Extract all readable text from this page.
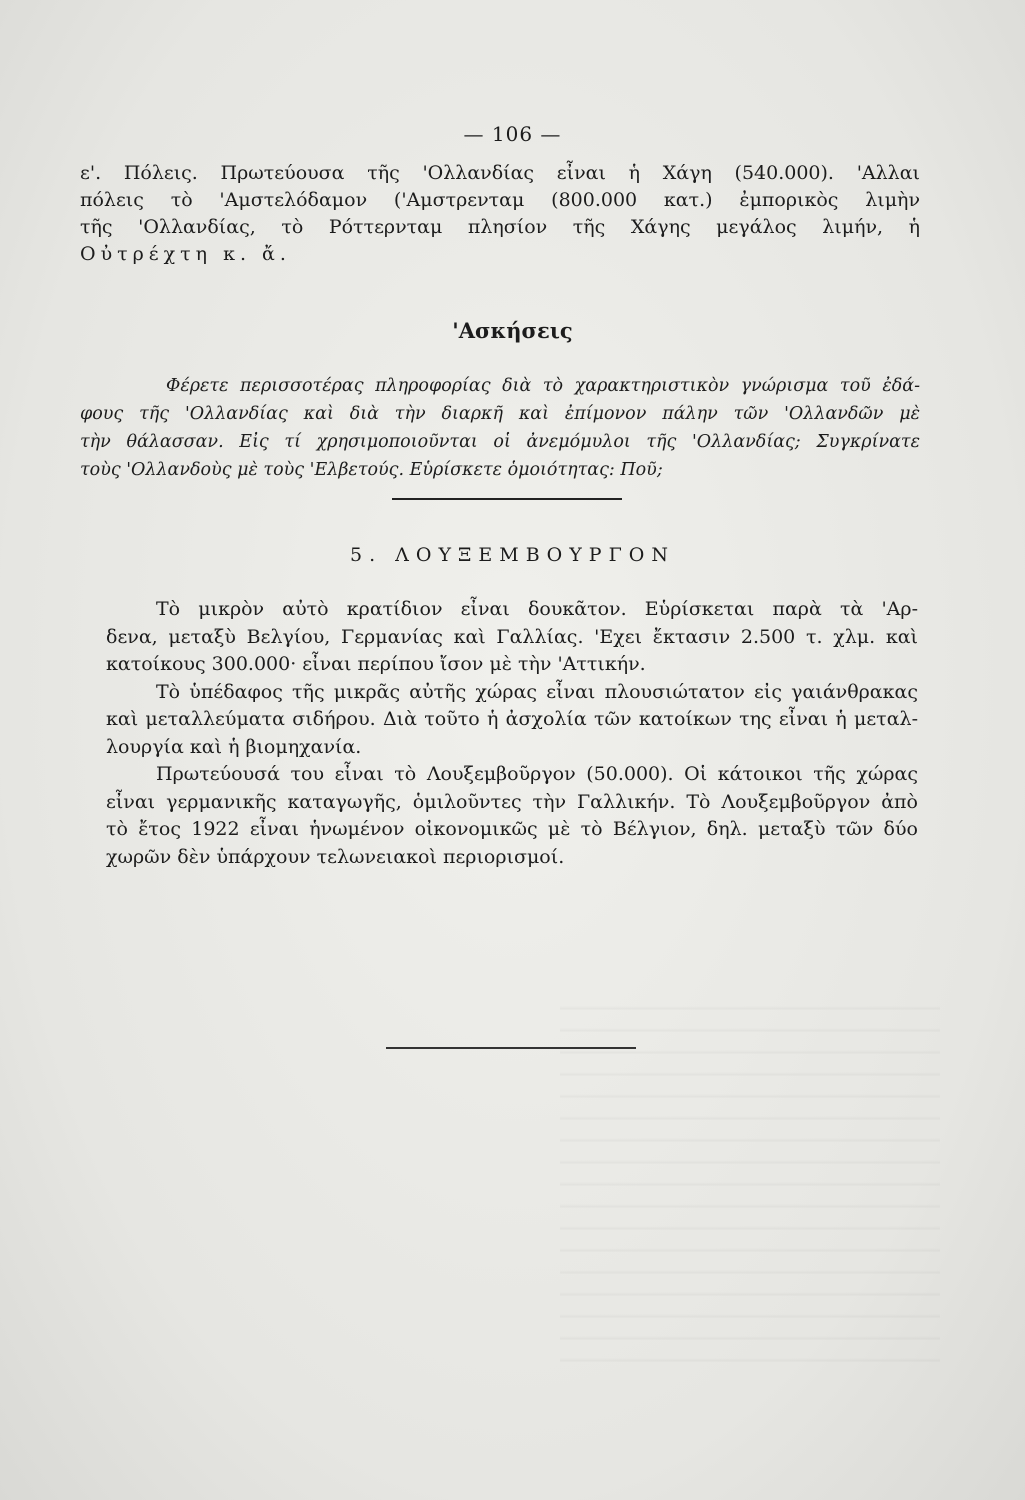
— 106 —
ε'. Πόλεις. Πρωτεύουσα τῆς 'Ολλανδίας εἶναι ἡ Χάγη (540.000). 'Αλλαι
πόλεις τὸ 'Αμστελόδαμον ('Αμστρενταμ (800.000 κατ.) ἐμπορικὸς λιμὴν
τῆς 'Ολλανδίας, τὸ Ρόττερνταμ πλησίον τῆς Χάγης μεγάλος λιμήν, ἡ
Οὐτρέχτη κ. ἄ.
'Ασκήσεις
Φέρετε περισσοτέρας πληροφορίας διὰ τὸ χαρακτηριστικὸν γνώρισμα τοῦ ἐδά-
φους τῆς 'Ολλανδίας καὶ διὰ τὴν διαρκῆ καὶ ἐπίμονον πάλην τῶν 'Ολλανδῶν μὲ
τὴν θάλασσαν. Εἰς τί χρησιμοποιοῦνται οἱ ἀνεμόμυλοι τῆς 'Ολλανδίας; Συγκρίνατε
τοὺς 'Ολλανδοὺς μὲ τοὺς 'Ελβετούς. Εὑρίσκετε ὁμοιότητας: Ποῦ;
5. ΛΟΥΞΕΜΒΟΥΡΓΟΝ
Τὸ μικρὸν αὐτὸ κρατίδιον εἶναι δουκᾶτον. Εὑρίσκεται παρὰ τὰ 'Αρ-
δενα, μεταξὺ Βελγίου, Γερμανίας καὶ Γαλλίας. 'Εχει ἔκτασιν 2.500 τ. χλμ. καὶ
κατοίκους 300.000· εἶναι περίπου ἴσον μὲ τὴν 'Αττικήν.
Τὸ ὑπέδαφος τῆς μικρᾶς αὐτῆς χώρας εἶναι πλουσιώτατον εἰς γαιάνθρακας
καὶ μεταλλεύματα σιδήρου. Διὰ τοῦτο ἡ ἀσχολία τῶν κατοίκων της εἶναι ἡ μεταλ-
λουργία καὶ ἡ βιομηχανία.
Πρωτεύουσά του εἶναι τὸ Λουξεμβοῦργον (50.000). Οἱ κάτοικοι τῆς χώρας
εἶναι γερμανικῆς καταγωγῆς, ὁμιλοῦντες τὴν Γαλλικήν. Τὸ Λουξεμβοῦργον ἀπὸ
τὸ ἔτος 1922 εἶναι ἡνωμένον οἰκονομικῶς μὲ τὸ Βέλγιον, δηλ. μεταξὺ τῶν δύο
χωρῶν δὲν ὑπάρχουν τελωνειακοὶ περιορισμοί.
